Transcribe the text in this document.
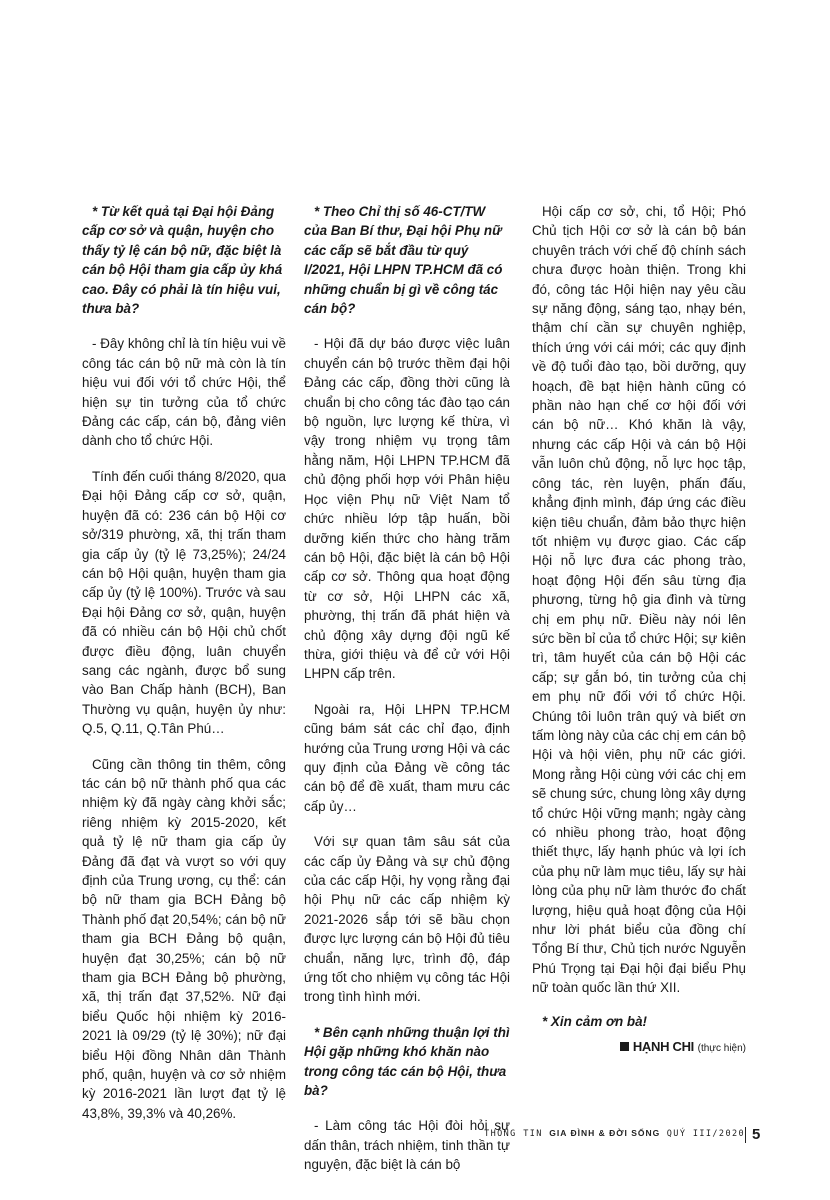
* Từ kết quả tại Đại hội Đảng cấp cơ sở và quận, huyện cho thấy tỷ lệ cán bộ nữ, đặc biệt là cán bộ Hội tham gia cấp ủy khá cao. Đây có phải là tín hiệu vui, thưa bà?

- Đây không chỉ là tín hiệu vui về công tác cán bộ nữ mà còn là tín hiệu vui đối với tổ chức Hội, thể hiện sự tin tưởng của tổ chức Đảng các cấp, cán bộ, đảng viên dành cho tổ chức Hội.

Tính đến cuối tháng 8/2020, qua Đại hội Đảng cấp cơ sở, quận, huyện đã có: 236 cán bộ Hội cơ sở/319 phường, xã, thị trấn tham gia cấp ủy (tỷ lệ 73,25%); 24/24 cán bộ Hội quận, huyện tham gia cấp ủy (tỷ lệ 100%). Trước và sau Đại hội Đảng cơ sở, quận, huyện đã có nhiều cán bộ Hội chủ chốt được điều động, luân chuyển sang các ngành, được bổ sung vào Ban Chấp hành (BCH), Ban Thường vụ quận, huyện ủy như: Q.5, Q.11, Q.Tân Phú…

Cũng cần thông tin thêm, công tác cán bộ nữ thành phố qua các nhiệm kỳ đã ngày càng khởi sắc; riêng nhiệm kỳ 2015-2020, kết quả tỷ lệ nữ tham gia cấp ủy Đảng đã đạt và vượt so với quy định của Trung ương, cụ thể: cán bộ nữ tham gia BCH Đảng bộ Thành phố đạt 20,54%; cán bộ nữ tham gia BCH Đảng bộ quận, huyện đạt 30,25%; cán bộ nữ tham gia BCH Đảng bộ phường, xã, thị trấn đạt 37,52%. Nữ đại biểu Quốc hội nhiệm kỳ 2016-2021 là 09/29 (tỷ lệ 30%); nữ đại biểu Hội đồng Nhân dân Thành phố, quận, huyện và cơ sở nhiệm kỳ 2016-2021 lần lượt đạt tỷ lệ 43,8%, 39,3% và 40,26%.

* Theo Chỉ thị số 46-CT/TW của Ban Bí thư, Đại hội Phụ nữ các cấp sẽ bắt đầu từ quý I/2021, Hội LHPN TP.HCM đã có những chuẩn bị gì về công tác cán bộ?

- Hội đã dự báo được việc luân chuyển cán bộ trước thềm đại hội Đảng các cấp, đồng thời cũng là chuẩn bị cho công tác đào tạo cán bộ nguồn, lực lượng kế thừa, vì vậy trong nhiệm vụ trọng tâm hằng năm, Hội LHPN TP.HCM đã chủ động phối hợp với Phân hiệu Học viện Phụ nữ Việt Nam tổ chức nhiều lớp tập huấn, bồi dưỡng kiến thức cho hàng trăm cán bộ Hội, đặc biệt là cán bộ Hội cấp cơ sở. Thông qua hoạt động từ cơ sở, Hội LHPN các xã, phường, thị trấn đã phát hiện và chủ động xây dựng đội ngũ kế thừa, giới thiệu và để cử với Hội LHPN cấp trên.

Ngoài ra, Hội LHPN TP.HCM cũng bám sát các chỉ đạo, định hướng của Trung ương Hội và các quy định của Đảng về công tác cán bộ để đề xuất, tham mưu các cấp ủy…

Với sự quan tâm sâu sát của các cấp ủy Đảng và sự chủ động của các cấp Hội, hy vọng rằng đại hội Phụ nữ các cấp nhiệm kỳ 2021-2026 sắp tới sẽ bầu chọn được lực lượng cán bộ Hội đủ tiêu chuẩn, năng lực, trình độ, đáp ứng tốt cho nhiệm vụ công tác Hội trong tình hình mới.

* Bên cạnh những thuận lợi thì Hội gặp những khó khăn nào trong công tác cán bộ Hội, thưa bà?

- Làm công tác Hội đòi hỏi sự dấn thân, trách nhiệm, tinh thần tự nguyện, đặc biệt là cán bộ

Hội cấp cơ sở, chi, tổ Hội; Phó Chủ tịch Hội cơ sở là cán bộ bán chuyên trách với chế độ chính sách chưa được hoàn thiện. Trong khi đó, công tác Hội hiện nay yêu cầu sự năng động, sáng tạo, nhạy bén, thậm chí cần sự chuyên nghiệp, thích ứng với cái mới; các quy định về độ tuổi đào tạo, bồi dưỡng, quy hoạch, đề bạt hiện hành cũng có phần nào hạn chế cơ hội đối với cán bộ nữ… Khó khăn là vậy, nhưng các cấp Hội và cán bộ Hội vẫn luôn chủ động, nỗ lực học tập, công tác, rèn luyện, phấn đấu, khẳng định mình, đáp ứng các điều kiện tiêu chuẩn, đảm bảo thực hiện tốt nhiệm vụ được giao. Các cấp Hội nỗ lực đưa các phong trào, hoạt động Hội đến sâu từng địa phương, từng hộ gia đình và từng chị em phụ nữ. Điều này nói lên sức bền bỉ của tổ chức Hội; sự kiên trì, tâm huyết của cán bộ Hội các cấp; sự gắn bó, tin tưởng của chị em phụ nữ đối với tổ chức Hội. Chúng tôi luôn trân quý và biết ơn tấm lòng này của các chị em cán bộ Hội và hội viên, phụ nữ các giới. Mong rằng Hội cùng với các chị em sẽ chung sức, chung lòng xây dựng tổ chức Hội vững mạnh; ngày càng có nhiều phong trào, hoạt động thiết thực, lấy hạnh phúc và lợi ích của phụ nữ làm mục tiêu, lấy sự hài lòng của phụ nữ làm thước đo chất lượng, hiệu quả hoạt động của Hội như lời phát biểu của đồng chí Tổng Bí thư, Chủ tịch nước Nguyễn Phú Trọng tại Đại hội đại biểu Phụ nữ toàn quốc lần thứ XII.

* Xin cảm ơn bà!

HẠNH CHI (thực hiện)

THÔNG TIN GIA ĐÌNH & ĐỜI SỐNG QUÝ III/2020 5
